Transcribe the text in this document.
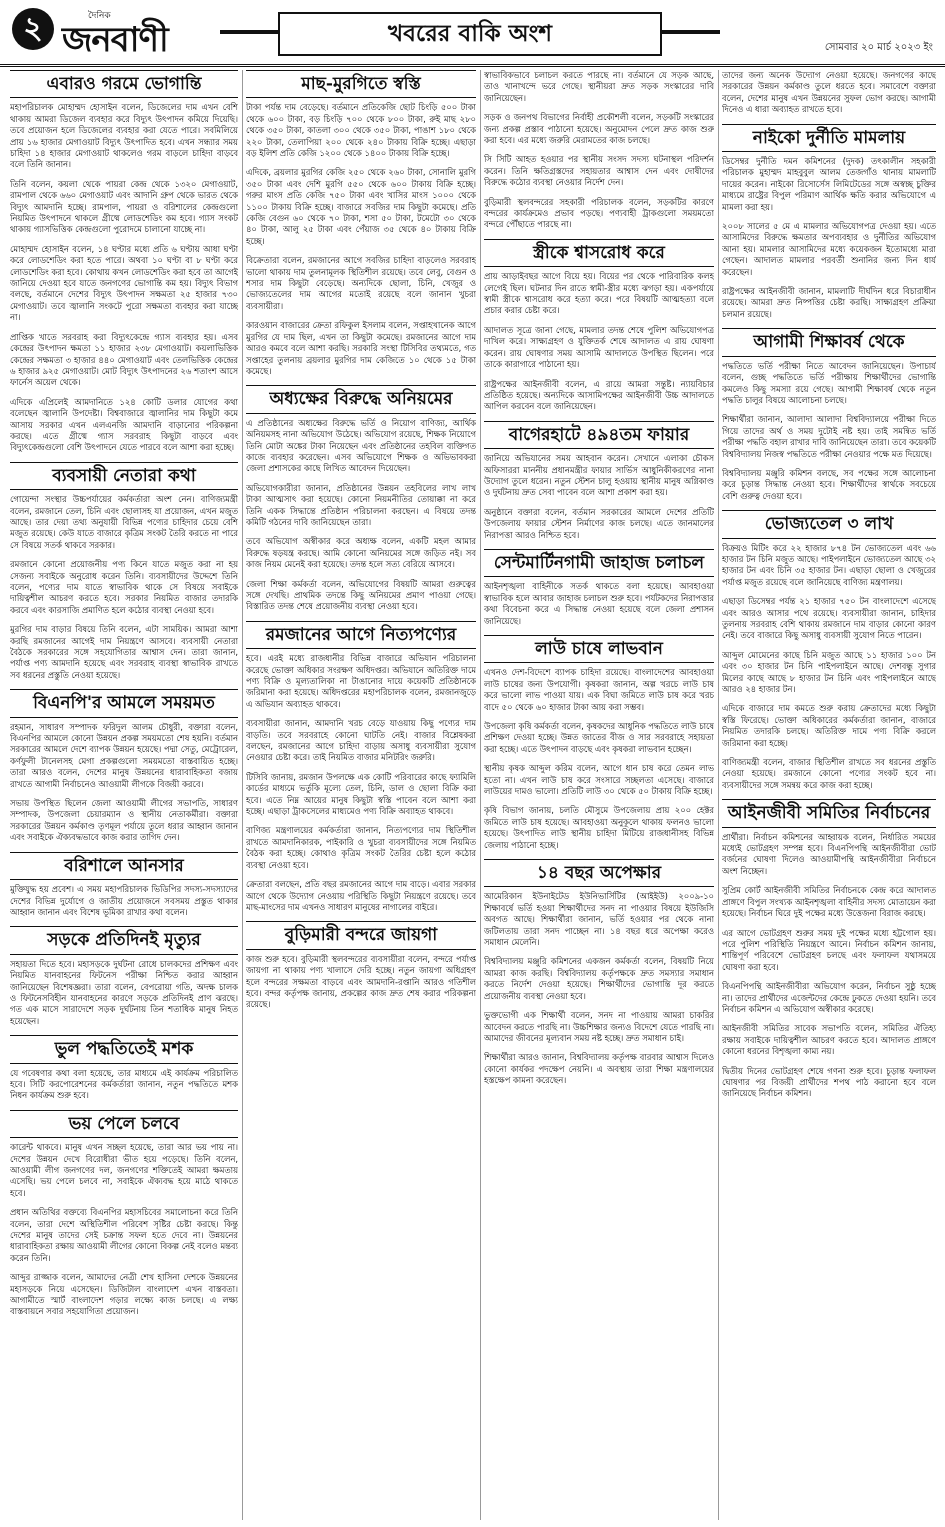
২	দৈনিক
জনবাণী	খবরের বাকি অংশ
সোমবার ২০ মার্চ ২০২৩ ইং
এবারও গরমে ভোগান্তি

মহাপরিচালক মোহাম্মদ হোসাইন বলেন, ডিজেলের দাম এখন বেশি থাকায় আমরা ডিজেল ব্যবহার করে বিদ্যুৎ উৎপাদন কমিয়ে দিয়েছি। তবে প্রয়োজন হলে ডিজেলের ব্যবহার করা যেতে পারে। সবমিলিয়ে প্রায় ১৬ হাজার মেগাওয়াট বিদ্যুৎ উৎপাদিত হবে। এখন সন্ধ্যার সময় চাহিদা ১৪ হাজার মেগাওয়াট থাকলেও গরম বাড়লে চাহিদা বাড়বে বলে তিনি জানান।

তিনি বলেন, কয়লা থেকে পায়রা কেন্দ্র থেকে ১৩২০ মেগাওয়াট, রামপাল থেকে ৬৬০ মেগাওয়াট এবং আদানি গ্রুপ থেকে ভারত থেকে বিদ্যুৎ আমদানি হচ্ছে। রামপাল, পায়রা ও বরিশালের কেন্দ্রগুলো নিয়মিত উৎপাদনে থাকলে গ্রীষ্মে লোডশেডিং কম হবে। গ্যাস সংকট থাকায় গ্যাসভিত্তিক কেন্দ্রগুলো পুরোদমে চালানো যাচ্ছে না।

মোহাম্মদ হোসাইন বলেন, ১৪ ঘণ্টার মধ্যে প্রতি ৬ ঘণ্টায় আধা ঘণ্টা করে লোডশেডিং করা হতে পারে। অথবা ১০ ঘণ্টা বা ৮ ঘণ্টা করে লোডশেডিং করা হবে। কোথায় কখন লোডশেডিং করা হবে তা আগেই জানিয়ে দেওয়া হবে যাতে জনগণের ভোগান্তি কম হয়। বিদ্যুৎ বিভাগ বলছে, বর্তমানে দেশের বিদ্যুৎ উৎপাদন সক্ষমতা ২৫ হাজার ৭৩০ মেগাওয়াট। তবে জ্বালানি সংকটে পুরো সক্ষমতা ব্যবহার করা যাচ্ছে না।

প্রাপ্তিক খাতে সরবরাহ করা বিদ্যুৎকেন্দ্রে গ্যাস ব্যবহার হয়। এসব কেন্দ্রের উৎপাদন ক্ষমতা ১১ হাজার ২৩৮ মেগাওয়াট। কয়লাভিত্তিক কেন্দ্রের সক্ষমতা ৩ হাজার ৪৪০ মেগাওয়াট এবং তেলভিত্তিক কেন্দ্রের ৬ হাজার ৯২৫ মেগাওয়াট। মোট বিদ্যুৎ উৎপাদনের ২৬ শতাংশ আসে ফার্নেস অয়েল থেকে।

এদিকে এপ্রিলেই আমদানিতে ১২৪ কোটি ডলার যোগের কথা বলেছেন জ্বালানি উপদেষ্টা। বিশ্ববাজারে জ্বালানির দাম কিছুটা কমে আসায় সরকার এখন এলএনজি আমদানি বাড়ানোর পরিকল্পনা করছে। এতে গ্রীষ্মে গ্যাস সরবরাহ কিছুটা বাড়বে এবং বিদ্যুৎকেন্দ্রগুলো বেশি উৎপাদনে যেতে পারবে বলে আশা করা হচ্ছে।

ব্যবসায়ী নেতারা কথা

গোয়েন্দা সংস্থার উচ্চপর্যায়ের কর্মকর্তারা অংশ নেন। বাণিজ্যমন্ত্রী বলেন, রমজানে তেল, চিনি এবং ছোলাসহ যা প্রয়োজন, এখন মজুত আছে। তার দেয়া তথ্য অনুযায়ী বিভিন্ন পণ্যের চাহিদার চেয়ে বেশি মজুত রয়েছে। কেউ যাতে বাজারে কৃত্রিম সংকট তৈরি করতে না পারে সে বিষয়ে সতর্ক থাকবে সরকার।

রমজানে কোনো প্রয়োজনীয় পণ্য কিনে যাতে মজুত করা না হয় সেজন্য সবাইকে অনুরোধ করেন তিনি। ব্যবসায়ীদের উদ্দেশে তিনি বলেন, পণ্যের দাম যাতে স্বাভাবিক থাকে সে বিষয়ে সবাইকে দায়িত্বশীল আচরণ করতে হবে। সরকার নিয়মিত বাজার তদারকি করবে এবং কারসাজি প্রমাণিত হলে কঠোর ব্যবস্থা নেওয়া হবে।

মুরগির দাম বাড়ার বিষয়ে তিনি বলেন, এটা সাময়িক। আমরা আশা করছি রমজানের আগেই দাম নিয়ন্ত্রণে আসবে। ব্যবসায়ী নেতারা বৈঠকে সরকারের সঙ্গে সহযোগিতার আশ্বাস দেন। তারা জানান, পর্যাপ্ত পণ্য আমদানি হয়েছে এবং সরবরাহ ব্যবস্থা স্বাভাবিক রাখতে সব ধরনের প্রস্তুতি নেওয়া হয়েছে।

বিএনপি'র আমলে সময়মত

রহমান, সাধারণ সম্পাদক ফরিদুল আলম চৌধুরী, বক্তারা বলেন, বিএনপির আমলে কোনো উন্নয়ন প্রকল্প সময়মতো শেষ হয়নি। বর্তমান সরকারের আমলে দেশে ব্যাপক উন্নয়ন হয়েছে। পদ্মা সেতু, মেট্রোরেল, কর্ণফুলী টানেলসহ মেগা প্রকল্পগুলো সময়মতো বাস্তবায়িত হচ্ছে। তারা আরও বলেন, দেশের মানুষ উন্নয়নের ধারাবাহিকতা বজায় রাখতে আগামী নির্বাচনেও আওয়ামী লীগকে বিজয়ী করবে।

সভায় উপস্থিত ছিলেন জেলা আওয়ামী লীগের সভাপতি, সাধারণ সম্পাদক, উপজেলা চেয়ারম্যান ও স্থানীয় নেতাকর্মীরা। বক্তারা সরকারের উন্নয়ন কর্মকাণ্ড তৃণমূল পর্যায়ে তুলে ধরার আহ্বান জানান এবং সবাইকে ঐক্যবদ্ধভাবে কাজ করার তাগিদ দেন।

বরিশালে আনসার

মুক্তিযুদ্ধ হয় প্রবেশ। এ সময় মহাপরিচালক ভিডিপির সদস্য-সদস্যাদের দেশের বিভিন্ন দুর্যোগে ও জাতীয় প্রয়োজনে সবসময় প্রস্তুত থাকার আহ্বান জানান এবং বিশেষ ভূমিকা রাখার কথা বলেন।

সড়কে প্রতিদিনই মৃত্যুর

সহায়তা দিতে হবে। মহাসড়কে দুর্ঘটনা রোধে চালকদের প্রশিক্ষণ এবং নিয়মিত যানবাহনের ফিটনেস পরীক্ষা নিশ্চিত করার আহ্বান জানিয়েছেন বিশেষজ্ঞরা। তারা বলেন, বেপরোয়া গতি, অদক্ষ চালক ও ফিটনেসবিহীন যানবাহনের কারণে সড়কে প্রতিদিনই প্রাণ ঝরছে। গত এক মাসে সারাদেশে সড়ক দুর্ঘটনায় তিন শতাধিক মানুষ নিহত হয়েছেন।

ভুল পদ্ধতিতেই মশক

যে গবেষণার কথা বলা হয়েছে, তার মাধ্যমে এই কার্যক্রম পরিচালিত হবে। সিটি করপোরেশনের কর্মকর্তারা জানান, নতুন পদ্ধতিতে মশক নিধন কার্যক্রম শুরু হবে।

ভয় পেলে চলবে

কারেন্ট থাকবে। মানুষ এখন সচ্ছল হয়েছে, তারা আর ভয় পায় না। দেশের উন্নয়ন দেখে বিরোধীরা ভীত হয়ে পড়েছে। তিনি বলেন, আওয়ামী লীগ জনগণের দল, জনগণের শক্তিতেই আমরা ক্ষমতায় এসেছি। ভয় পেলে চলবে না, সবাইকে ঐক্যবদ্ধ হয়ে মাঠে থাকতে হবে।

প্রধান অতিথির বক্তব্যে বিএনপির মহাসচিবের সমালোচনা করে তিনি বলেন, তারা দেশে অস্থিতিশীল পরিবেশ সৃষ্টির চেষ্টা করছে। কিন্তু দেশের মানুষ তাদের সেই চক্রান্ত সফল হতে দেবে না। উন্নয়নের ধারাবাহিকতা রক্ষায় আওয়ামী লীগের কোনো বিকল্প নেই বলেও মন্তব্য করেন তিনি।

আব্দুর রাজ্জাক বলেন, আমাদের নেত্রী শেখ হাসিনা দেশকে উন্নয়নের মহাসড়কে নিয়ে এসেছেন। ডিজিটাল বাংলাদেশ এখন বাস্তবতা। আগামীতে স্মার্ট বাংলাদেশ গড়ার লক্ষ্যে কাজ চলছে। এ লক্ষ্য বাস্তবায়নে সবার সহযোগিতা প্রয়োজন।

মাছ-মুরগিতে স্বস্তি

টাকা পর্যন্ত দাম বেড়েছে। বর্তমানে প্রতিকেজি ছোট চিংড়ি ৫০০ টাকা থেকে ৬০০ টাকা, বড় চিংড়ি ৭০০ থেকে ৮০০ টাকা, রুই মাছ ২৮০ থেকে ৩৫০ টাকা, কাতলা ৩০০ থেকে ৩৫০ টাকা, পাঙাশ ১৮০ থেকে ২২০ টাকা, তেলাপিয়া ২০০ থেকে ২৪০ টাকায় বিক্রি হচ্ছে। এছাড়া বড় ইলিশ প্রতি কেজি ১২০০ থেকে ১৪০০ টাকায় বিক্রি হচ্ছে।

এদিকে, ব্রয়লার মুরগির কেজি ২৫০ থেকে ২৬০ টাকা, সোনালি মুরগি ৩৫০ টাকা এবং দেশি মুরগি ৫৫০ থেকে ৬০০ টাকায় বিক্রি হচ্ছে। গরুর মাংস প্রতি কেজি ৭৫০ টাকা এবং খাসির মাংস ১০০০ থেকে ১১০০ টাকায় বিক্রি হচ্ছে। বাজারে সবজির দাম কিছুটা কমেছে। প্রতি কেজি বেগুন ৬০ থেকে ৭০ টাকা, শসা ৫০ টাকা, টমেটো ৩০ থেকে ৪০ টাকা, আলু ২৫ টাকা এবং পেঁয়াজ ৩৫ থেকে ৪০ টাকায় বিক্রি হচ্ছে।

বিক্রেতারা বলেন, রমজানের আগে সবজির চাহিদা বাড়লেও সরবরাহ ভালো থাকায় দাম তুলনামূলক স্থিতিশীল রয়েছে। তবে লেবু, বেগুন ও শসার দাম কিছুটা বেড়েছে। অন্যদিকে ছোলা, চিনি, খেজুর ও ভোজ্যতেলের দাম আগের মতোই রয়েছে বলে জানান খুচরা ব্যবসায়ীরা।

কারওয়ান বাজারের ক্রেতা রফিকুল ইসলাম বলেন, সপ্তাহখানেক আগে মুরগির যে দাম ছিল, এখন তা কিছুটা কমেছে। রমজানের আগে দাম আরও কমবে বলে আশা করছি। সরকারি সংস্থা টিসিবির তথ্যমতে, গত সপ্তাহের তুলনায় ব্রয়লার মুরগির দাম কেজিতে ১০ থেকে ১৫ টাকা কমেছে।

অধ্যক্ষের বিরুদ্ধে অনিয়মের

এ প্রতিষ্ঠানের অধ্যক্ষের বিরুদ্ধে ভর্তি ও নিয়োগ বাণিজ্য, আর্থিক অনিয়মসহ নানা অভিযোগ উঠেছে। অভিযোগ রয়েছে, শিক্ষক নিয়োগে তিনি মোটা অঙ্কের টাকা নিয়েছেন এবং প্রতিষ্ঠানের তহবিল ব্যক্তিগত কাজে ব্যবহার করেছেন। এসব অভিযোগে শিক্ষক ও অভিভাবকরা জেলা প্রশাসকের কাছে লিখিত আবেদন দিয়েছেন।

অভিযোগকারীরা জানান, প্রতিষ্ঠানের উন্নয়ন তহবিলের লাখ লাখ টাকা আত্মসাৎ করা হয়েছে। কোনো নিয়মনীতির তোয়াক্কা না করে তিনি একক সিদ্ধান্তে প্রতিষ্ঠান পরিচালনা করছেন। এ বিষয়ে তদন্ত কমিটি গঠনের দাবি জানিয়েছেন তারা।

তবে অভিযোগ অস্বীকার করে অধ্যক্ষ বলেন, একটি মহল আমার বিরুদ্ধে ষড়যন্ত্র করছে। আমি কোনো অনিয়মের সঙ্গে জড়িত নই। সব কাজ নিয়ম মেনেই করা হয়েছে। তদন্ত হলে সত্য বেরিয়ে আসবে।

জেলা শিক্ষা কর্মকর্তা বলেন, অভিযোগের বিষয়টি আমরা গুরুত্বের সঙ্গে দেখছি। প্রাথমিক তদন্তে কিছু অনিয়মের প্রমাণ পাওয়া গেছে। বিস্তারিত তদন্ত শেষে প্রয়োজনীয় ব্যবস্থা নেওয়া হবে।

রমজানের আগে নিত্যপণ্যের

হবে। এরই মধ্যে রাজধানীর বিভিন্ন বাজারে অভিযান পরিচালনা করেছে ভোক্তা অধিকার সংরক্ষণ অধিদপ্তর। অভিযানে অতিরিক্ত দামে পণ্য বিক্রি ও মূল্যতালিকা না টাঙানোর দায়ে কয়েকটি প্রতিষ্ঠানকে জরিমানা করা হয়েছে। অধিদপ্তরের মহাপরিচালক বলেন, রমজানজুড়ে এ অভিযান অব্যাহত থাকবে।

ব্যবসায়ীরা জানান, আমদানি খরচ বেড়ে যাওয়ায় কিছু পণ্যের দাম বাড়তি। তবে সরবরাহে কোনো ঘাটতি নেই। বাজার বিশ্লেষকরা বলছেন, রমজানের আগে চাহিদা বাড়ায় অসাধু ব্যবসায়ীরা সুযোগ নেওয়ার চেষ্টা করে। তাই নিয়মিত বাজার মনিটরিং জরুরি।

টিসিবি জানায়, রমজান উপলক্ষে এক কোটি পরিবারের কাছে ফ্যামিলি কার্ডের মাধ্যমে ভর্তুকি মূল্যে তেল, চিনি, ডাল ও ছোলা বিক্রি করা হবে। এতে নিম্ন আয়ের মানুষ কিছুটা স্বস্তি পাবেন বলে আশা করা হচ্ছে। এছাড়া ট্রাকসেলের মাধ্যমেও পণ্য বিক্রি অব্যাহত থাকবে।

বাণিজ্য মন্ত্রণালয়ের কর্মকর্তারা জানান, নিত্যপণ্যের দাম স্থিতিশীল রাখতে আমদানিকারক, পাইকারি ও খুচরা ব্যবসায়ীদের সঙ্গে নিয়মিত বৈঠক করা হচ্ছে। কোথাও কৃত্রিম সংকট তৈরির চেষ্টা হলে কঠোর ব্যবস্থা নেওয়া হবে।

ক্রেতারা বলছেন, প্রতি বছর রমজানের আগে দাম বাড়ে। এবার সরকার আগে থেকে উদ্যোগ নেওয়ায় পরিস্থিতি কিছুটা নিয়ন্ত্রণে রয়েছে। তবে মাছ-মাংসের দাম এখনও সাধারণ মানুষের নাগালের বাইরে।

বুড়িমারী বন্দরে জায়গা

কাজ শুরু হবে। বুড়িমারী স্থলবন্দরের ব্যবসায়ীরা বলেন, বন্দরে পর্যাপ্ত জায়গা না থাকায় পণ্য খালাসে দেরি হচ্ছে। নতুন জায়গা অধিগ্রহণ হলে বন্দরের সক্ষমতা বাড়বে এবং আমদানি-রপ্তানি আরও গতিশীল হবে। বন্দর কর্তৃপক্ষ জানায়, প্রকল্পের কাজ দ্রুত শেষ করার পরিকল্পনা রয়েছে।

স্বাভাবিকভাবে চলাচল করতে পারছে না। বর্তমানে যে সড়ক আছে, তাও খানাখন্দে ভরে গেছে। স্থানীয়রা দ্রুত সড়ক সংস্কারের দাবি জানিয়েছেন।

সড়ক ও জনপথ বিভাগের নির্বাহী প্রকৌশলী বলেন, সড়কটি সংস্কারের জন্য প্রকল্প প্রস্তাব পাঠানো হয়েছে। অনুমোদন পেলে দ্রুত কাজ শুরু করা হবে। এর মধ্যে জরুরি মেরামতের কাজ চলছে।

সি সিটি আহত হওয়ার পর স্থানীয় সংসদ সদস্য ঘটনাস্থল পরিদর্শন করেন। তিনি ক্ষতিগ্রস্তদের সহায়তার আশ্বাস দেন এবং দোষীদের বিরুদ্ধে কঠোর ব্যবস্থা নেওয়ার নির্দেশ দেন।

বুড়িমারী স্থলবন্দরের সহকারী পরিচালক বলেন, সড়কটির কারণে বন্দরের কার্যক্রমেও প্রভাব পড়ছে। পণ্যবাহী ট্রাকগুলো সময়মতো বন্দরে পৌঁছাতে পারছে না।

স্ত্রীকে শ্বাসরোধ করে

প্রায় আড়াইবছর আগে বিয়ে হয়। বিয়ের পর থেকে পারিবারিক কলহ লেগেই ছিল। ঘটনার দিন রাতে স্বামী-স্ত্রীর মধ্যে ঝগড়া হয়। একপর্যায়ে স্বামী স্ত্রীকে শ্বাসরোধ করে হত্যা করে। পরে বিষয়টি আত্মহত্যা বলে প্রচার করার চেষ্টা করে।

আদালত সূত্রে জানা গেছে, মামলার তদন্ত শেষে পুলিশ অভিযোগপত্র দাখিল করে। সাক্ষ্যগ্রহণ ও যুক্তিতর্ক শেষে আদালত এ রায় ঘোষণা করেন। রায় ঘোষণার সময় আসামি আদালতে উপস্থিত ছিলেন। পরে তাকে কারাগারে পাঠানো হয়।

রাষ্ট্রপক্ষের আইনজীবী বলেন, এ রায়ে আমরা সন্তুষ্ট। ন্যায়বিচার প্রতিষ্ঠিত হয়েছে। অন্যদিকে আসামিপক্ষের আইনজীবী উচ্চ আদালতে আপিল করবেন বলে জানিয়েছেন।

বাগেরহাটে ৪৯৪তম ফায়ার

জানিয়ে অভিযানের সময় আহবান করেন। সেখানে এলাকা চৌকস অফিসাররা মাননীয় প্রধানমন্ত্রীর ফায়ার সার্ভিস আধুনিকীকরণের নানা উদ্যোগ তুলে ধরেন। নতুন স্টেশন চালু হওয়ায় স্থানীয় মানুষ অগ্নিকাণ্ড ও দুর্ঘটনায় দ্রুত সেবা পাবেন বলে আশা প্রকাশ করা হয়।

অনুষ্ঠানে বক্তারা বলেন, বর্তমান সরকারের আমলে দেশের প্রতিটি উপজেলায় ফায়ার স্টেশন নির্মাণের কাজ চলছে। এতে জানমালের নিরাপত্তা আরও নিশ্চিত হবে।

সেন্টমার্টিনগামী জাহাজ চলাচল

আইনশৃঙ্খলা বাহিনীকে সতর্ক থাকতে বলা হয়েছে। আবহাওয়া স্বাভাবিক হলে আবার জাহাজ চলাচল শুরু হবে। পর্যটকদের নিরাপত্তার কথা বিবেচনা করে এ সিদ্ধান্ত নেওয়া হয়েছে বলে জেলা প্রশাসন জানিয়েছে।

লাউ চাষে লাভবান

এখনও দেশ-বিদেশে ব্যাপক চাহিদা রয়েছে। বাংলাদেশের আবহাওয়া লাউ চাষের জন্য উপযোগী। কৃষকরা জানান, অল্প খরচে লাউ চাষ করে ভালো লাভ পাওয়া যায়। এক বিঘা জমিতে লাউ চাষ করে খরচ বাদে ৫০ থেকে ৬০ হাজার টাকা আয় করা সম্ভব।

উপজেলা কৃষি কর্মকর্তা বলেন, কৃষকদের আধুনিক পদ্ধতিতে লাউ চাষে প্রশিক্ষণ দেওয়া হচ্ছে। উন্নত জাতের বীজ ও সার সরবরাহে সহায়তা করা হচ্ছে। এতে উৎপাদন বাড়ছে এবং কৃষকরা লাভবান হচ্ছেন।

স্থানীয় কৃষক আব্দুল করিম বলেন, আগে ধান চাষ করে তেমন লাভ হতো না। এখন লাউ চাষ করে সংসারে সচ্ছলতা এসেছে। বাজারে লাউয়ের দামও ভালো। প্রতিটি লাউ ৩০ থেকে ৫০ টাকায় বিক্রি হচ্ছে।

কৃষি বিভাগ জানায়, চলতি মৌসুমে উপজেলায় প্রায় ২০০ হেক্টর জমিতে লাউ চাষ হয়েছে। আবহাওয়া অনুকূলে থাকায় ফলনও ভালো হয়েছে। উৎপাদিত লাউ স্থানীয় চাহিদা মিটিয়ে রাজধানীসহ বিভিন্ন জেলায় পাঠানো হচ্ছে।

১৪ বছর অপেক্ষার

আমেরিকান ইউনাইটেড ইউনিভার্সিটির (আইইউ) ২০০৯-১০ শিক্ষাবর্ষে ভর্তি হওয়া শিক্ষার্থীদের সনদ না পাওয়ার বিষয়ে ইউজিসি অবগত আছে। শিক্ষার্থীরা জানান, ভর্তি হওয়ার পর থেকে নানা জটিলতায় তারা সনদ পাচ্ছেন না। ১৪ বছর ধরে অপেক্ষা করেও সমাধান মেলেনি।

বিশ্ববিদ্যালয় মঞ্জুরি কমিশনের একজন কর্মকর্তা বলেন, বিষয়টি নিয়ে আমরা কাজ করছি। বিশ্ববিদ্যালয় কর্তৃপক্ষকে দ্রুত সমস্যার সমাধান করতে নির্দেশ দেওয়া হয়েছে। শিক্ষার্থীদের ভোগান্তি দূর করতে প্রয়োজনীয় ব্যবস্থা নেওয়া হবে।

ভুক্তভোগী এক শিক্ষার্থী বলেন, সনদ না পাওয়ায় আমরা চাকরির আবেদন করতে পারছি না। উচ্চশিক্ষার জন্যও বিদেশে যেতে পারছি না। আমাদের জীবনের মূল্যবান সময় নষ্ট হচ্ছে। দ্রুত সমাধান চাই।

শিক্ষার্থীরা আরও জানান, বিশ্ববিদ্যালয় কর্তৃপক্ষ বারবার আশ্বাস দিলেও কোনো কার্যকর পদক্ষেপ নেয়নি। এ অবস্থায় তারা শিক্ষা মন্ত্রণালয়ের হস্তক্ষেপ কামনা করেছেন।

তাদের জন্য অনেক উদ্যোগ নেওয়া হয়েছে। জনগণের কাছে সরকারের উন্নয়ন কর্মকাণ্ড তুলে ধরতে হবে। সমাবেশে বক্তারা বলেন, দেশের মানুষ এখন উন্নয়নের সুফল ভোগ করছে। আগামী দিনেও এ ধারা অব্যাহত রাখতে হবে।

নাইকো দুর্নীতি মামলায়

ডিসেম্বর দুর্নীতি দমন কমিশনের (দুদক) তৎকালীন সহকারী পরিচালক মুহাম্মদ মাহবুবুল আলম তেজগাঁও থানায় মামলাটি দায়ের করেন। নাইকো রিসোর্সেস লিমিটেডের সঙ্গে অস্বচ্ছ চুক্তির মাধ্যমে রাষ্ট্রের বিপুল পরিমাণ আর্থিক ক্ষতি করার অভিযোগে এ মামলা করা হয়।

২০০৮ সালের ৫ মে এ মামলার অভিযোগপত্র দেওয়া হয়। এতে আসামিদের বিরুদ্ধে ক্ষমতার অপব্যবহার ও দুর্নীতির অভিযোগ আনা হয়। মামলার আসামিদের মধ্যে কয়েকজন ইতোমধ্যে মারা গেছেন। আদালত মামলার পরবর্তী শুনানির জন্য দিন ধার্য করেছেন।

রাষ্ট্রপক্ষের আইনজীবী জানান, মামলাটি দীর্ঘদিন ধরে বিচারাধীন রয়েছে। আমরা দ্রুত নিষ্পত্তির চেষ্টা করছি। সাক্ষ্যগ্রহণ প্রক্রিয়া চলমান রয়েছে।

আগামী শিক্ষাবর্ষ থেকে

পদ্ধতিতে ভর্তি পরীক্ষা নিতে আবেদন জানিয়েছেন। উপাচার্য বলেন, গুচ্ছ পদ্ধতিতে ভর্তি পরীক্ষায় শিক্ষার্থীদের ভোগান্তি কমলেও কিছু সমস্যা রয়ে গেছে। আগামী শিক্ষাবর্ষ থেকে নতুন পদ্ধতি চালুর বিষয়ে আলোচনা চলছে।

শিক্ষার্থীরা জানান, আলাদা আলাদা বিশ্ববিদ্যালয়ে পরীক্ষা দিতে গিয়ে তাদের অর্থ ও সময় দুটোই নষ্ট হয়। তাই সমন্বিত ভর্তি পরীক্ষা পদ্ধতি বহাল রাখার দাবি জানিয়েছেন তারা। তবে কয়েকটি বিশ্ববিদ্যালয় নিজস্ব পদ্ধতিতে পরীক্ষা নেওয়ার পক্ষে মত দিয়েছে।

বিশ্ববিদ্যালয় মঞ্জুরি কমিশন বলছে, সব পক্ষের সঙ্গে আলোচনা করে চূড়ান্ত সিদ্ধান্ত নেওয়া হবে। শিক্ষার্থীদের স্বার্থকে সবচেয়ে বেশি গুরুত্ব দেওয়া হবে।

ভোজ্যতেল ৩ লাখ

বিক্রয়ও মিটিং করে ২২ হাজার ৮৭৪ টন ভোজ্যতেল এবং ৬৬ হাজার টন চিনি মজুত আছে। পাইপলাইনে ভোজ্যতেল আছে ৩২ হাজার টন এবং চিনি ৩৫ হাজার টন। এছাড়া ছোলা ও খেজুরের পর্যাপ্ত মজুত রয়েছে বলে জানিয়েছে বাণিজ্য মন্ত্রণালয়।

এছাড়া ডিসেম্বর পর্যন্ত ২১ হাজার ৭৫০ টন বাংলাদেশে এসেছে এবং আরও আসার পথে রয়েছে। ব্যবসায়ীরা জানান, চাহিদার তুলনায় সরবরাহ বেশি থাকায় রমজানে দাম বাড়ার কোনো কারণ নেই। তবে বাজারে কিছু অসাধু ব্যবসায়ী সুযোগ নিতে পারেন।

আব্দুল মোমেনের কাছে চিনি মজুত আছে ১১ হাজার ১০০ টন এবং ৩০ হাজার টন চিনি পাইপলাইনে আছে। দেশবন্ধু সুগার মিলের কাছে আছে ৮ হাজার টন চিনি এবং পাইপলাইনে আছে আরও ২৪ হাজার টন।

এদিকে বাজারে দাম কমতে শুরু করায় ক্রেতাদের মধ্যে কিছুটা স্বস্তি ফিরেছে। ভোক্তা অধিকারের কর্মকর্তারা জানান, বাজারে নিয়মিত তদারকি চলছে। অতিরিক্ত দামে পণ্য বিক্রি করলে জরিমানা করা হচ্ছে।

বাণিজ্যমন্ত্রী বলেন, বাজার স্থিতিশীল রাখতে সব ধরনের প্রস্তুতি নেওয়া হয়েছে। রমজানে কোনো পণ্যের সংকট হবে না। ব্যবসায়ীদের সঙ্গে সমন্বয় করে কাজ করা হচ্ছে।

আইনজীবী সমিতির নির্বাচনের

প্রার্থীরা। নির্বাচন কমিশনের আহ্বায়ক বলেন, নির্ধারিত সময়ের মধ্যেই ভোটগ্রহণ সম্পন্ন হবে। বিএনপিপন্থি আইনজীবীরা ভোট বর্জনের ঘোষণা দিলেও আওয়ামীপন্থি আইনজীবীরা নির্বাচনে অংশ নিচ্ছেন।

সুপ্রিম কোর্ট আইনজীবী সমিতির নির্বাচনকে কেন্দ্র করে আদালত প্রাঙ্গণে বিপুল সংখ্যক আইনশৃঙ্খলা বাহিনীর সদস্য মোতায়েন করা হয়েছে। নির্বাচন ঘিরে দুই পক্ষের মধ্যে উত্তেজনা বিরাজ করছে।

এর আগে ভোটগ্রহণ শুরুর সময় দুই পক্ষের মধ্যে হট্টগোল হয়। পরে পুলিশ পরিস্থিতি নিয়ন্ত্রণে আনে। নির্বাচন কমিশন জানায়, শান্তিপূর্ণ পরিবেশে ভোটগ্রহণ চলছে এবং ফলাফল যথাসময়ে ঘোষণা করা হবে।

বিএনপিপন্থি আইনজীবীরা অভিযোগ করেন, নির্বাচন সুষ্ঠু হচ্ছে না। তাদের প্রার্থীদের এজেন্টদের কেন্দ্রে ঢুকতে দেওয়া হয়নি। তবে নির্বাচন কমিশন এ অভিযোগ অস্বীকার করেছে।

আইনজীবী সমিতির সাবেক সভাপতি বলেন, সমিতির ঐতিহ্য রক্ষায় সবাইকে দায়িত্বশীল আচরণ করতে হবে। আদালত প্রাঙ্গণে কোনো ধরনের বিশৃঙ্খলা কাম্য নয়।

দ্বিতীয় দিনের ভোটগ্রহণ শেষে গণনা শুরু হবে। চূড়ান্ত ফলাফল ঘোষণার পর বিজয়ী প্রার্থীদের শপথ পাঠ করানো হবে বলে জানিয়েছে নির্বাচন কমিশন।
